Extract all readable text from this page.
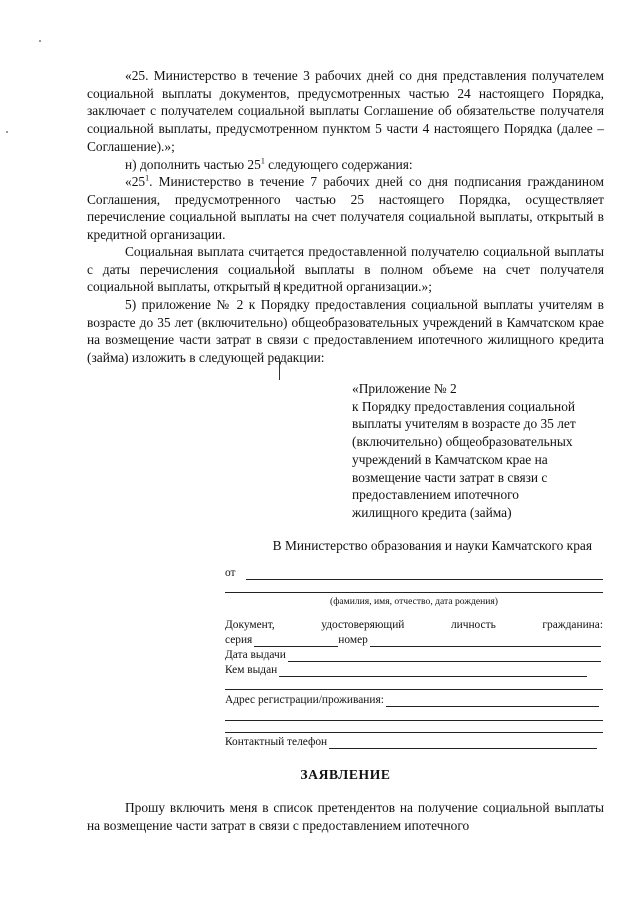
«25. Министерство в течение 3 рабочих дней со дня представления получателем социальной выплаты документов, предусмотренных частью 24 настоящего Порядка, заключает с получателем социальной выплаты Соглашение об обязательстве получателя социальной выплаты, предусмотренном пунктом 5 части 4 настоящего Порядка (далее – Соглашение).»;

н) дополнить частью $25^1$ следующего содержания:

«$25^1$. Министерство в течение 7 рабочих дней со дня подписания гражданином Соглашения, предусмотренного частью 25 настоящего Порядка, осуществляет перечисление социальной выплаты на счет получателя социальной выплаты, открытый в кредитной организации.

Социальная выплата считается предоставленной получателю социальной выплаты с даты перечисления социальной выплаты в полном объеме на счет получателя социальной выплаты, открытый в кредитной организации.»;

5) приложение № 2 к Порядку предоставления социальной выплаты учителям в возрасте до 35 лет (включительно) общеобразовательных учреждений в Камчатском крае на возмещение части затрат в связи с предоставлением ипотечного жилищного кредита (займа) изложить в следующей редакции:

«Приложение № 2
к Порядку предоставления социальной
выплаты учителям в возрасте до 35 лет
(включительно) общеобразовательных
учреждений в Камчатском крае на
возмещение части затрат в связи с
предоставлением ипотечного
жилищного кредита (займа)
В Министерство образования и науки Камчатского края
от
(фамилия, имя, отчество, дата рождения)
Документ,	удостоверяющий	личность	гражданина:
серия	номер
Дата выдачи
Кем выдан
Адрес регистрации/проживания:
Контактный телефон
ЗАЯВЛЕНИЕ

Прошу включить меня в список претендентов на получение социальной выплаты на возмещение части затрат в связи с предоставлением ипотечного
